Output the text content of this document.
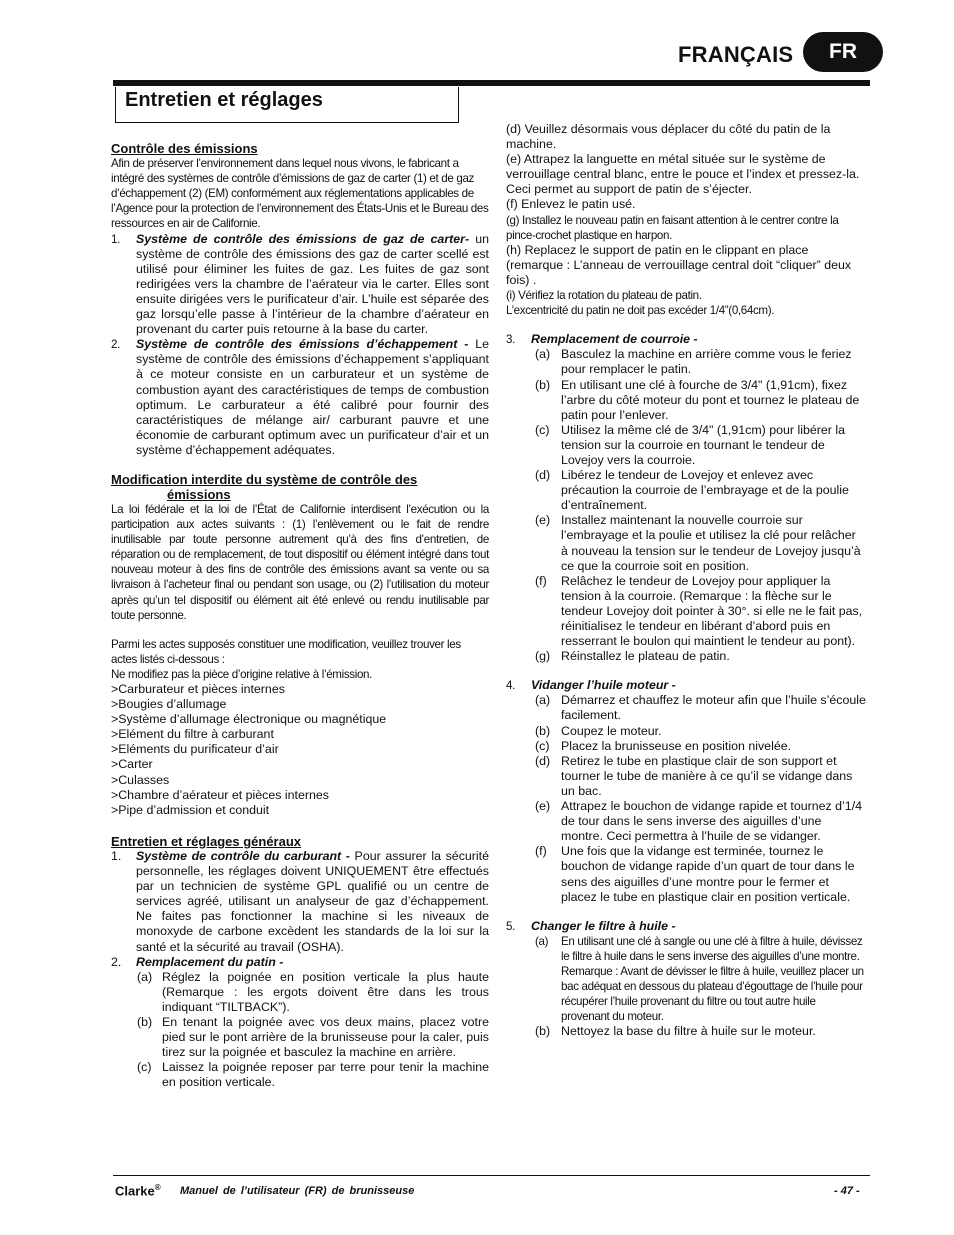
FRANÇAIS	FR
Entretien et réglages
Contrôle des émissions
Afin de préserver l’environnement dans lequel nous vivons, le fabricant a intégré des systèmes de contrôle d’émissions de gaz de carter (1) et de gaz d’échappement (2) (EM) conformément aux réglementations applicables de l’Agence pour la protection de l’environnement des États-Unis et le Bureau des ressources en air de Californie.
1. Système de contrôle des émissions de gaz de carter- un système de contrôle des émissions des gaz de carter scellé est utilisé pour éliminer les fuites de gaz. Les fuites de gaz sont redirigées vers la chambre de l’aérateur via le carter. Elles sont ensuite dirigées vers le purificateur d’air. L’huile est séparée des gaz lorsqu’elle passe à l’intérieur de la chambre d’aérateur en provenant du carter puis retourne à la base du carter.
2. Système de contrôle des émissions d’échappement - Le système de contrôle des émissions d’échappement s’appliquant à ce moteur consiste en un carburateur et un système de combustion ayant des caractéristiques de temps de combustion optimum. Le carburateur a été calibré pour fournir des caractéristiques de mélange air/ carburant pauvre et une économie de carburant optimum avec un purificateur d’air et un système d’échappement adéquates.
Modification interdite du système de contrôle des
émissions
La loi fédérale et la loi de l’État de Californie interdisent l’exécution ou la participation aux actes suivants : (1) l’enlèvement ou le fait de rendre inutilisable par toute personne autrement qu’à des fins d’entretien, de réparation ou de remplacement, de tout dispositif ou élément intégré dans tout nouveau moteur à des fins de contrôle des émissions avant sa vente ou sa livraison à l’acheteur final ou pendant son usage, ou (2) l’utilisation du moteur après qu’un tel dispositif ou élément ait été enlevé ou rendu inutilisable par toute personne.
Parmi les actes supposés constituer une modification, veuillez trouver les actes listés ci-dessous :
Ne modifiez pas la pièce d’origine relative à l’émission.
>Carburateur et pièces internes
>Bougies d’allumage
>Système d’allumage électronique ou magnétique
>Elément du filtre à carburant
>Eléments du purificateur d’air
>Carter
>Culasses
>Chambre d’aérateur et pièces internes
>Pipe d’admission et conduit
Entretien et réglages généraux
1. Système de contrôle du carburant - Pour assurer la sécurité personnelle, les réglages doivent UNIQUEMENT être effectués par un technicien de système GPL qualifié ou un centre de services agréé, utilisant un analyseur de gaz d’échappement. Ne faites pas fonctionner la machine si les niveaux de monoxyde de carbone excèdent les standards de la loi sur la santé et la sécurité au travail (OSHA).
2. Remplacement du patin -
(a) Réglez la poignée en position verticale la plus haute (Remarque : les ergots doivent être dans les trous indiquant “TILTBACK”).
(b) En tenant la poignée avec vos deux mains, placez votre pied sur le pont arrière de la brunisseuse pour la caler, puis tirez sur la poignée et basculez la machine en arrière.
(c) Laissez la poignée reposer par terre pour tenir la machine en position verticale.
(d) Veuillez désormais vous déplacer du côté du patin de la machine.
(e) Attrapez la languette en métal située sur le système de verrouillage central blanc, entre le pouce et l’index et pressez-la. Ceci permet au support de patin de s’éjecter.
(f) Enlevez le patin usé.
(g) Installez le nouveau patin en faisant attention à le centrer contre la pince-crochet plastique en harpon.
(h) Replacez le support de patin en le clippant en place (remarque : L’anneau de verrouillage central doit “cliquer” deux fois) .
(i) Vérifiez la rotation du plateau de patin.
L’excentricité du patin ne doit pas excéder 1/4”(0,64cm).
3. Remplacement de courroie -
(a) Basculez la machine en arrière comme vous le feriez pour remplacer le patin.
(b) En utilisant une clé à fourche de 3/4" (1,91cm), fixez l’arbre du côté moteur du pont et tournez le plateau de patin pour l’enlever.
(c) Utilisez la même clé de 3/4" (1,91cm) pour libérer la tension sur la courroie en tournant le tendeur de Lovejoy vers la courroie.
(d) Libérez le tendeur de Lovejoy et enlevez avec précaution la courroie de l’embrayage et de la poulie d’entraînement.
(e) Installez maintenant la nouvelle courroie sur l’embrayage et la poulie et utilisez la clé pour relâcher à nouveau la tension sur le tendeur de Lovejoy jusqu’à ce que la courroie soit en position.
(f) Relâchez le tendeur de Lovejoy pour appliquer la tension à la courroie. (Remarque : la flèche sur le tendeur Lovejoy doit pointer à 30°. si elle ne le fait pas, réinitialisez le tendeur en libérant d’abord puis en resserrant le boulon qui maintient le tendeur au pont).
(g) Réinstallez le plateau de patin.
4. Vidanger l’huile moteur -
(a) Démarrez et chauffez le moteur afin que l’huile s’écoule facilement.
(b) Coupez le moteur.
(c) Placez la brunisseuse en position nivelée.
(d) Retirez le tube en plastique clair de son support et tourner le tube de manière à ce qu’il se vidange dans un bac.
(e) Attrapez le bouchon de vidange rapide et tournez d’1/4 de tour dans le sens inverse des aiguilles d’une montre. Ceci permettra à l’huile de se vidanger.
(f) Une fois que la vidange est terminée, tournez le bouchon de vidange rapide d’un quart de tour dans le sens des aiguilles d’une montre pour le fermer et placez le tube en plastique clair en position verticale.
5. Changer le filtre à huile -
(a) En utilisant une clé à sangle ou une clé à filtre à huile, dévissez le filtre à huile dans le sens inverse des aiguilles d’une montre. Remarque : Avant de dévisser le filtre à huile, veuillez placer un bac adéquat en dessous du plateau d’égouttage de l’huile pour récupérer l’huile provenant du filtre ou tout autre huile provenant du moteur.
(b) Nettoyez la base du filtre à huile sur le moteur.
Clarke® Manuel de l’utilisateur (FR) de brunisseuse	- 47 -
